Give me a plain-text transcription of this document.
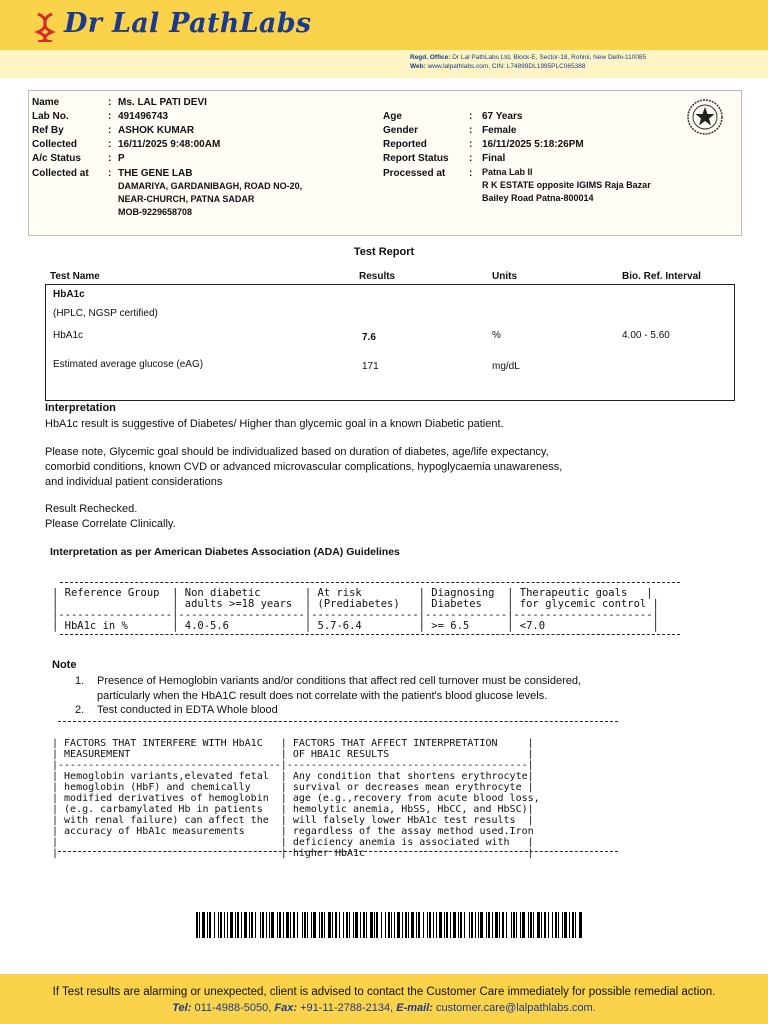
Dr Lal PathLabs
Regd. Office: Dr Lal PathLabs Ltd, Block-E, Sector-18, Rohini, New Delhi-110085
Web: www.lalpathlabs.com, CIN: L74899DL1995PLC065388
Name	: Ms. LAL PATI DEVI
Lab No.	: 491496743
Ref By	: ASHOK KUMAR
Collected	: 16/11/2025 9:48:00AM
A/c Status	: P
Collected at : THE GENE LAB
DAMARIYA, GARDANIBAGH, ROAD NO-20,
NEAR-CHURCH, PATNA SADAR
MOB-9229658708
Age	: 67 Years
Gender	: Female
Reported	: 16/11/2025 5:18:26PM
Report Status : Final
Processed at : Patna Lab II
R K ESTATE opposite IGIMS Raja Bazar
Bailey Road Patna-800014
Test Report
Test Name	Results	Units	Bio. Ref. Interval
HbA1c
(HPLC, NGSP certified)
HbA1c	7.6	%	4.00 - 5.60
Estimated average glucose (eAG)	171	mg/dL
Interpretation
HbA1c result is suggestive of Diabetes/ Higher than glycemic goal in a known Diabetic patient.
Please note, Glycemic goal should be individualized based on duration of diabetes, age/life expectancy,
comorbid conditions, known CVD or advanced microvascular complications, hypoglycaemia unawareness,
and individual patient considerations
Result Rechecked.
Please Correlate Clinically.
Interpretation as per American Diabetes Association (ADA) Guidelines
| Reference Group  | Non diabetic       | At risk         | Diagnosing  | Therapeutic goals   |
|                  | adults >=18 years  | (Prediabetes)   | Diabetes    | for glycemic control |
|------------------|--------------------|-----------------|-------------|----------------------|
| HbA1c in %       | 4.0-5.6            | 5.7-6.4         | >= 6.5      | <7.0                 |
Note
1. Presence of Hemoglobin variants and/or conditions that affect red cell turnover must be considered,
particularly when the HbA1C result does not correlate with the patient's blood glucose levels.
2. Test conducted in EDTA Whole blood

| FACTORS THAT INTERFERE WITH HbA1C   | FACTORS THAT AFFECT INTERPRETATION     |
| MEASUREMENT                         | OF HBA1C RESULTS                       |
|-------------------------------------|----------------------------------------|
| Hemoglobin variants,elevated fetal  | Any condition that shortens erythrocyte|
| hemoglobin (HbF) and chemically     | survival or decreases mean erythrocyte |
| modified derivatives of hemoglobin  | age (e.g.,recovery from acute blood loss,
| (e.g. carbamylated Hb in patients   | hemolytic anemia, HbSS, HbCC, and HbSC)|
| with renal failure) can affect the  | will falsely lower HbA1c test results  |
| accuracy of HbA1c measurements      | regardless of the assay method used.Iron
|                                     | deficiency anemia is associated with   |
|                                     | higher HbA1c                           |

If Test results are alarming or unexpected, client is advised to contact the Customer Care immediately for possible remedial action.
Tel: 011-4988-5050, Fax: +91-11-2788-2134, E-mail: customer.care@lalpathlabs.com.
